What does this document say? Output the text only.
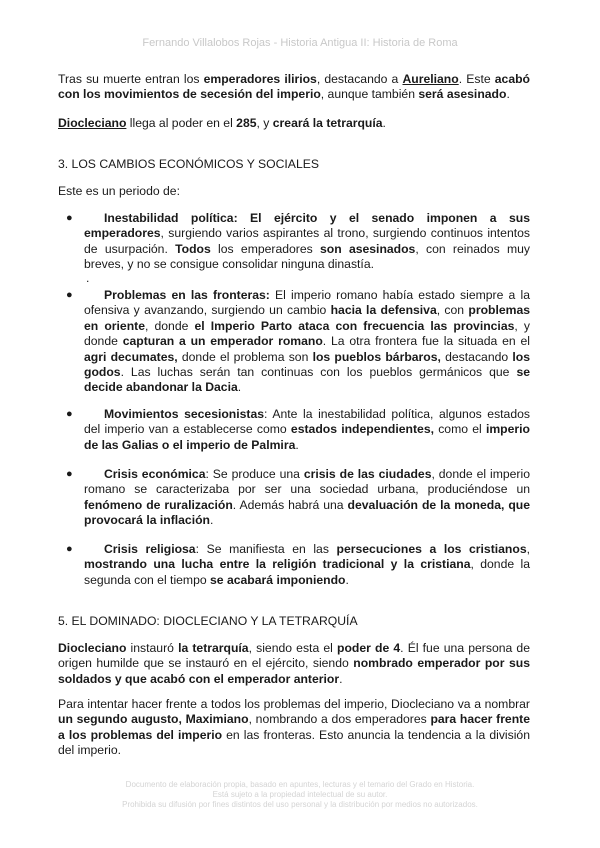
Fernando Villalobos Rojas - Historia Antigua II: Historia de Roma

Tras su muerte entran los emperadores ilirios, destacando a Aureliano. Este acabó con los movimientos de secesión del imperio, aunque también será asesinado.

Diocleciano llega al poder en el 285, y creará la tetrarquía.

3. LOS CAMBIOS ECONÓMICOS Y SOCIALES

Este es un periodo de:

●	Inestabilidad política: El ejército y el senado imponen a sus emperadores, surgiendo varios aspirantes al trono, surgiendo continuos intentos de usurpación. Todos los emperadores son asesinados, con reinados muy breves, y no se consigue consolidar ninguna dinastía.
.
●	Problemas en las fronteras: El imperio romano había estado siempre a la ofensiva y avanzando, surgiendo un cambio hacia la defensiva, con problemas en oriente, donde el Imperio Parto ataca con frecuencia las provincias, y donde capturan a un emperador romano. La otra frontera fue la situada en el agri decumates, donde el problema son los pueblos bárbaros, destacando los godos. Las luchas serán tan continuas con los pueblos germánicos que se decide abandonar la Dacia.
●	Movimientos secesionistas: Ante la inestabilidad política, algunos estados del imperio van a establecerse como estados independientes, como el imperio de las Galias o el imperio de Palmira.
●	Crisis económica: Se produce una crisis de las ciudades, donde el imperio romano se caracterizaba por ser una sociedad urbana, produciéndose un fenómeno de ruralización. Además habrá una devaluación de la moneda, que provocará la inflación.
●	Crisis religiosa: Se manifiesta en las persecuciones a los cristianos, mostrando una lucha entre la religión tradicional y la cristiana, donde la segunda con el tiempo se acabará imponiendo.
5. EL DOMINADO: DIOCLECIANO Y LA TETRARQUÍA

Diocleciano instauró la tetrarquía, siendo esta el poder de 4. Él fue una persona de origen humilde que se instauró en el ejército, siendo nombrado emperador por sus soldados y que acabó con el emperador anterior.

Para intentar hacer frente a todos los problemas del imperio, Diocleciano va a nombrar un segundo augusto, Maximiano, nombrando a dos emperadores para hacer frente a los problemas del imperio en las fronteras. Esto anuncia la tendencia a la división del imperio.

Documento de elaboración propia, basado en apuntes, lecturas y el temario del Grado en Historia.
Está sujeto a la propiedad intelectual de su autor.
Prohibida su difusión por fines distintos del uso personal y la distribución por medios no autorizados.
